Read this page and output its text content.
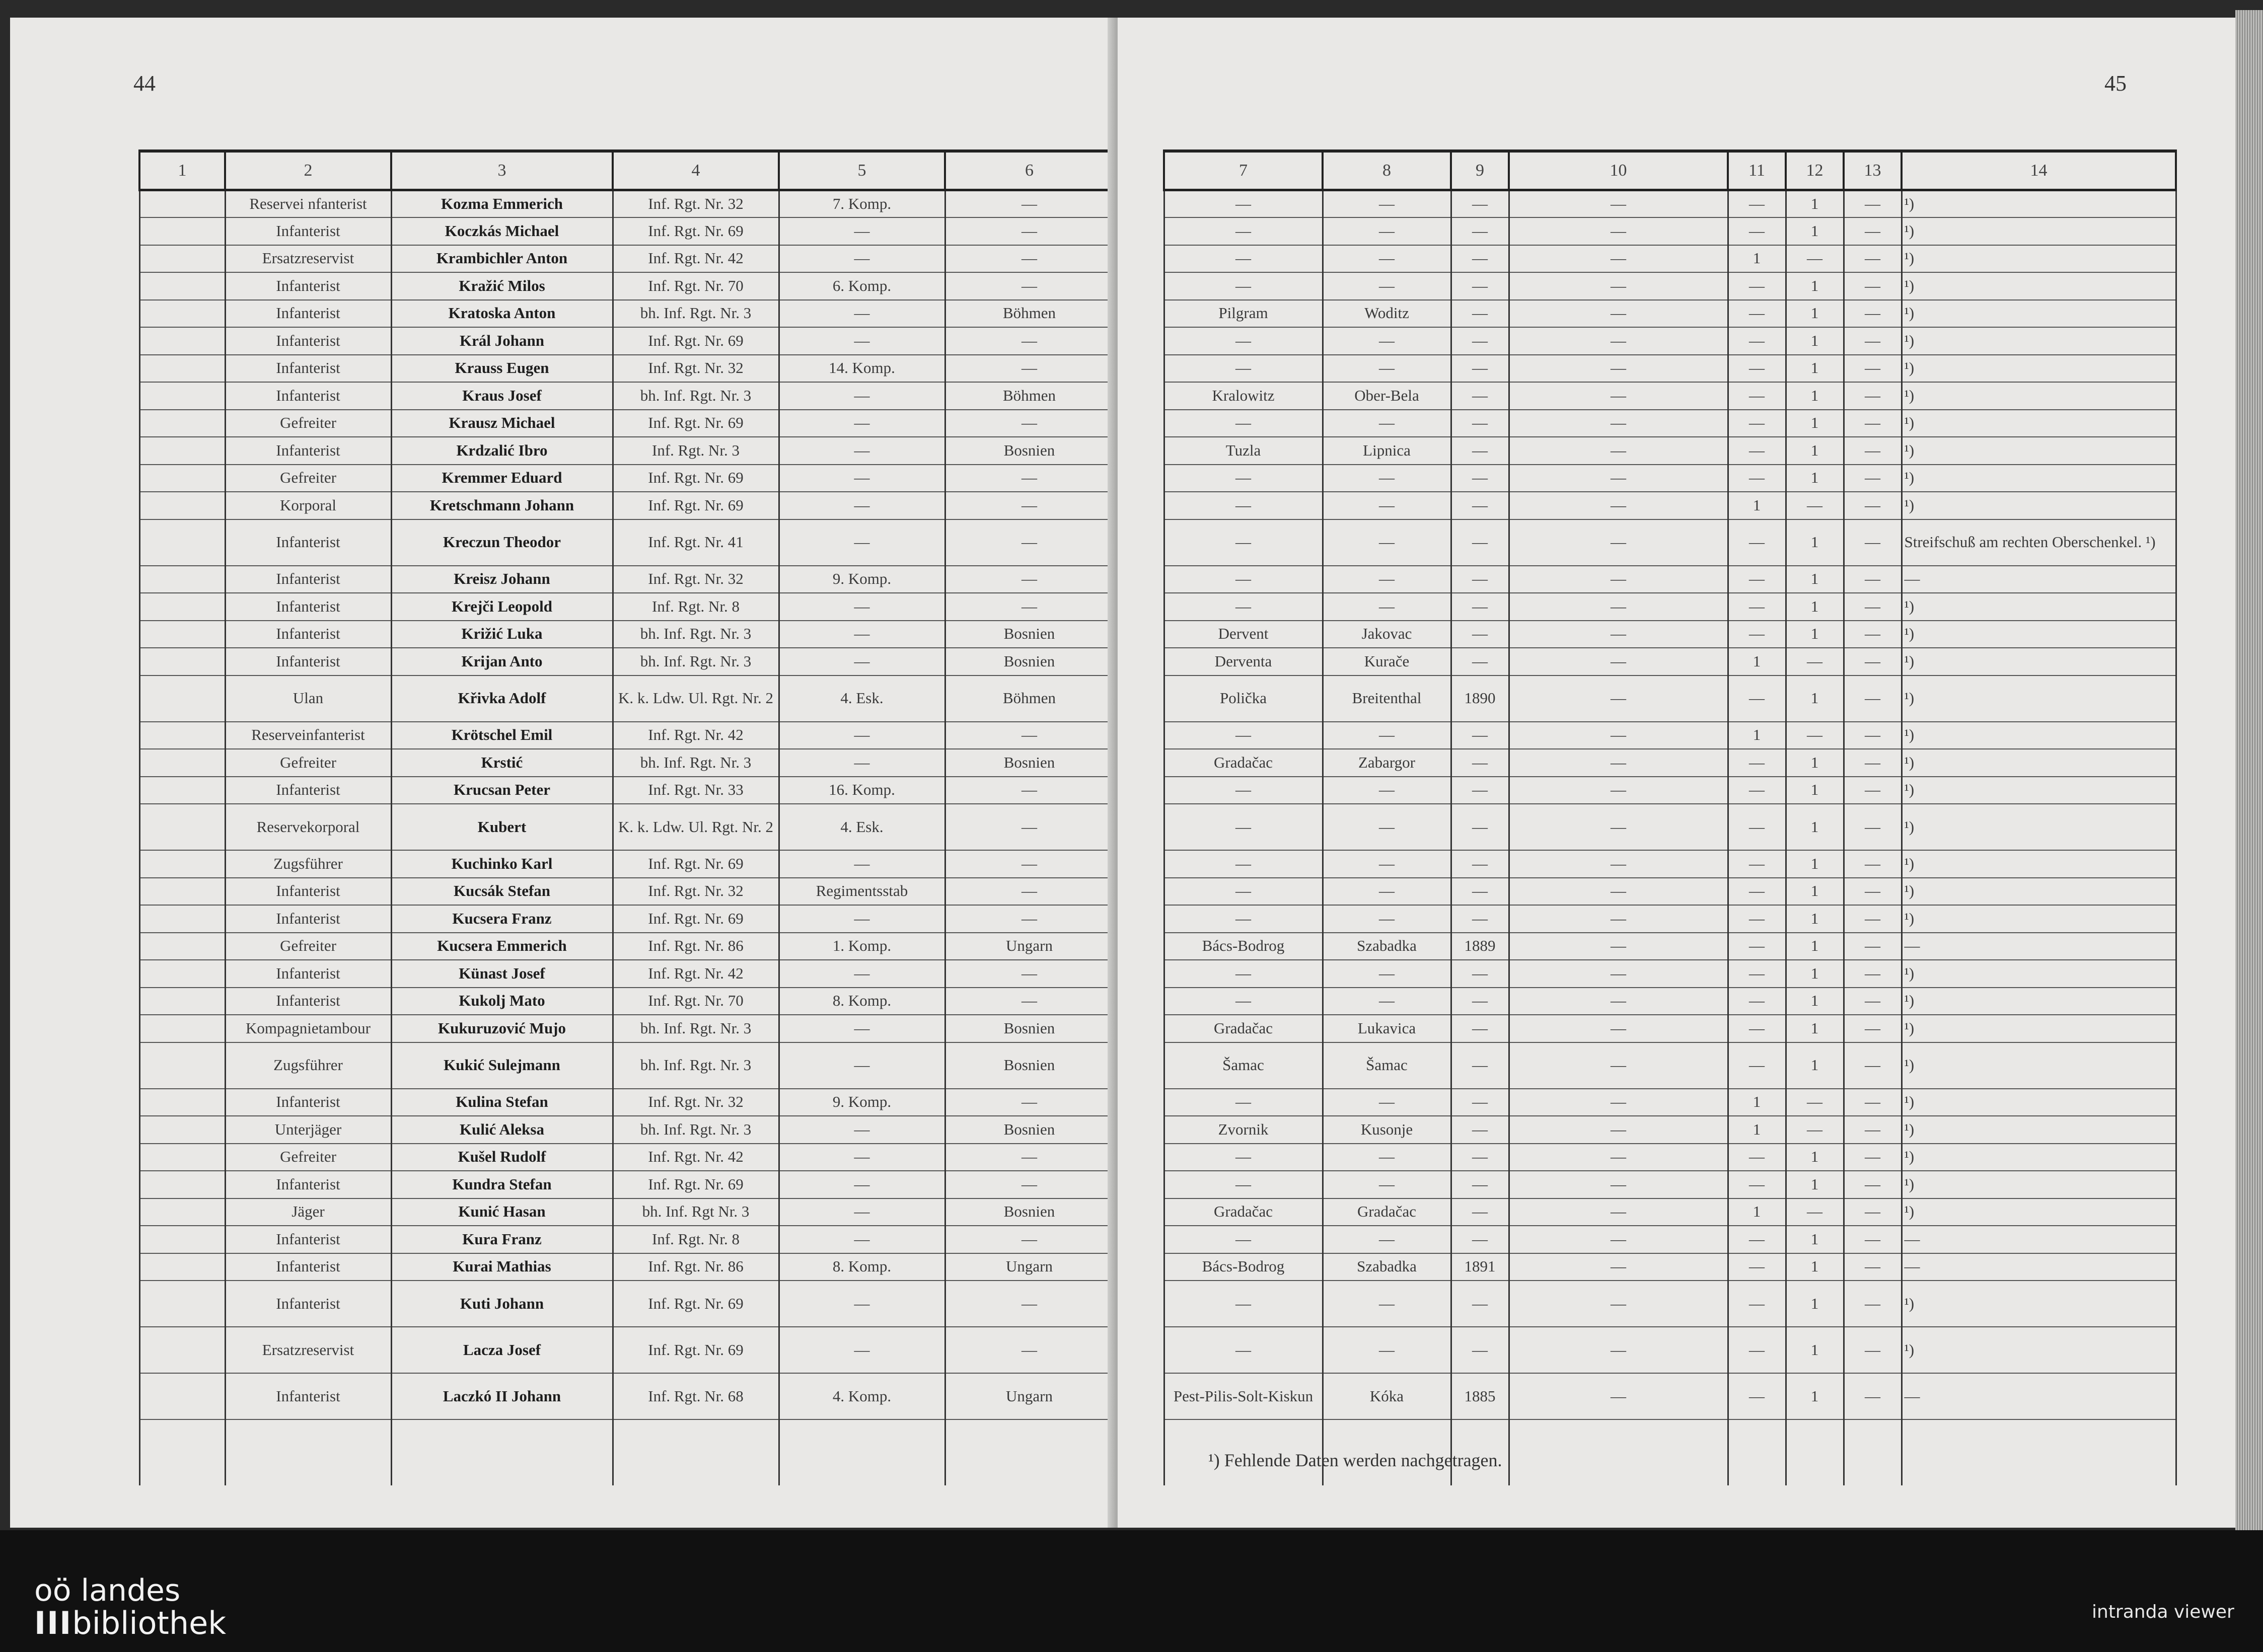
44
1	2	3	4	5	6
	Reservei nfanterist	Kozma Emmerich	Inf. Rgt. Nr. 32	7. Komp.	—
	Infanterist	Koczkás Michael	Inf. Rgt. Nr. 69	—	—
	Ersatzreservist	Krambichler Anton	Inf. Rgt. Nr. 42	—	—
	Infanterist	Kražić Milos	Inf. Rgt. Nr. 70	6. Komp.	—
	Infanterist	Kratoska Anton	bh. Inf. Rgt. Nr. 3	—	Böhmen
	Infanterist	Král Johann	Inf. Rgt. Nr. 69	—	—
	Infanterist	Krauss Eugen	Inf. Rgt. Nr. 32	14. Komp.	—
	Infanterist	Kraus Josef	bh. Inf. Rgt. Nr. 3	—	Böhmen
	Gefreiter	Krausz Michael	Inf. Rgt. Nr. 69	—	—
	Infanterist	Krdzalić Ibro	Inf. Rgt. Nr. 3	—	Bosnien
	Gefreiter	Kremmer Eduard	Inf. Rgt. Nr. 69	—	—
	Korporal	Kretschmann Johann	Inf. Rgt. Nr. 69	—	—
	Infanterist	Kreczun Theodor	Inf. Rgt. Nr. 41	—	—
	Infanterist	Kreisz Johann	Inf. Rgt. Nr. 32	9. Komp.	—
	Infanterist	Krejči Leopold	Inf. Rgt. Nr. 8	—	—
	Infanterist	Križić Luka	bh. Inf. Rgt. Nr. 3	—	Bosnien
	Infanterist	Krijan Anto	bh. Inf. Rgt. Nr. 3	—	Bosnien
	Ulan	Křivka Adolf	K. k. Ldw. Ul. Rgt. Nr. 2	4. Esk.	Böhmen
	Reserveinfanterist	Krötschel Emil	Inf. Rgt. Nr. 42	—	—
	Gefreiter	Krstić	bh. Inf. Rgt. Nr. 3	—	Bosnien
	Infanterist	Krucsan Peter	Inf. Rgt. Nr. 33	16. Komp.	—
	Reservekorporal	Kubert	K. k. Ldw. Ul. Rgt. Nr. 2	4. Esk.	—
	Zugsführer	Kuchinko Karl	Inf. Rgt. Nr. 69	—	—
	Infanterist	Kucsák Stefan	Inf. Rgt. Nr. 32	Regimentsstab	—
	Infanterist	Kucsera Franz	Inf. Rgt. Nr. 69	—	—
	Gefreiter	Kucsera Emmerich	Inf. Rgt. Nr. 86	1. Komp.	Ungarn
	Infanterist	Künast Josef	Inf. Rgt. Nr. 42	—	—
	Infanterist	Kukolj Mato	Inf. Rgt. Nr. 70	8. Komp.	—
	Kompagnietambour	Kukuruzović Mujo	bh. Inf. Rgt. Nr. 3	—	Bosnien
	Zugsführer	Kukić Sulejmann	bh. Inf. Rgt. Nr. 3	—	Bosnien
	Infanterist	Kulina Stefan	Inf. Rgt. Nr. 32	9. Komp.	—
	Unterjäger	Kulić Aleksa	bh. Inf. Rgt. Nr. 3	—	Bosnien
	Gefreiter	Kušel Rudolf	Inf. Rgt. Nr. 42	—	—
	Infanterist	Kundra Stefan	Inf. Rgt. Nr. 69	—	—
	Jäger	Kunić Hasan	bh. Inf. Rgt Nr. 3	—	Bosnien
	Infanterist	Kura Franz	Inf. Rgt. Nr. 8	—	—
	Infanterist	Kurai Mathias	Inf. Rgt. Nr. 86	8. Komp.	Ungarn
	Infanterist	Kuti Johann	Inf. Rgt. Nr. 69	—	—
	Ersatzreservist	Lacza Josef	Inf. Rgt. Nr. 69	—	—
	Infanterist	Laczkó II Johann	Inf. Rgt. Nr. 68	4. Komp.	Ungarn

45
7	8	9	10	11	12	13	14
—	—	—	—	—	1	—	¹)
—	—	—	—	—	1	—	¹)
—	—	—	—	1	—	—	¹)
—	—	—	—	—	1	—	¹)
Pilgram	Woditz	—	—	—	1	—	¹)
—	—	—	—	—	1	—	¹)
—	—	—	—	—	1	—	¹)
Kralowitz	Ober-Bela	—	—	—	1	—	¹)
—	—	—	—	—	1	—	¹)
Tuzla	Lipnica	—	—	—	1	—	¹)
—	—	—	—	—	1	—	¹)
—	—	—	—	1	—	—	¹)
—	—	—	—	—	1	—	Streifschuß am rechten Oberschenkel. ¹)
—	—	—	—	—	1	—	—
—	—	—	—	—	1	—	¹)
Dervent	Jakovac	—	—	—	1	—	¹)
Derventa	Kurače	—	—	1	—	—	¹)
Polička	Breitenthal	1890	—	—	1	—	¹)
—	—	—	—	1	—	—	¹)
Gradačac	Zabargor	—	—	—	1	—	¹)
—	—	—	—	—	1	—	¹)
—	—	—	—	—	1	—	¹)
—	—	—	—	—	1	—	¹)
—	—	—	—	—	1	—	¹)
—	—	—	—	—	1	—	¹)
Bács-Bodrog	Szabadka	1889	—	—	1	—	—
—	—	—	—	—	1	—	¹)
—	—	—	—	—	1	—	¹)
Gradačac	Lukavica	—	—	—	1	—	¹)
Šamac	Šamac	—	—	—	1	—	¹)
—	—	—	—	1	—	—	¹)
Zvornik	Kusonje	—	—	1	—	—	¹)
—	—	—	—	—	1	—	¹)
—	—	—	—	—	1	—	¹)
Gradačac	Gradačac	—	—	1	—	—	¹)
—	—	—	—	—	1	—	—
Bács-Bodrog	Szabadka	1891	—	—	1	—	—
—	—	—	—	—	1	—	¹)
—	—	—	—	—	1	—	¹)
Pest-Pilis-Solt-Kiskun	Kóka	1885	—	—	1	—	—

¹) Fehlende Daten werden nachgetragen.
oö landes
IIIbibliothek	intranda viewer
